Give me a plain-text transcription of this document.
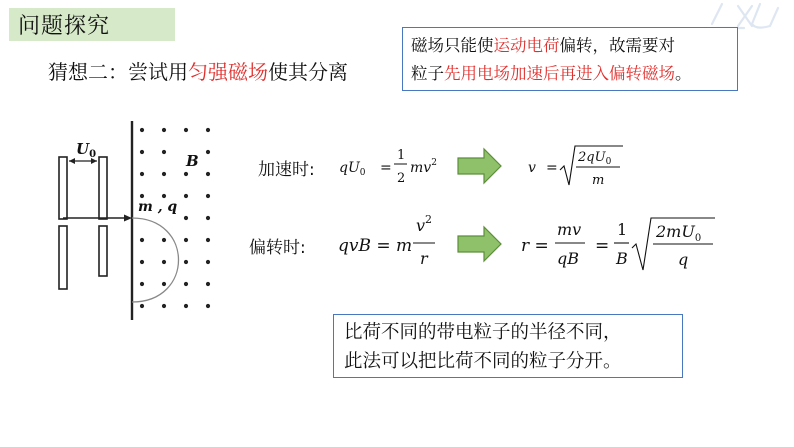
问题探究
猜想二：尝试用匀强磁场使其分离
磁场只能使运动电荷偏转，故需要对
粒子先用电场加速后再进入偏转磁场。
$U_0$	B
m , q
$qU_0$ =
1
2
$mv^2$	v =
$2qU_0$
m
qvB = m
$v^2$
r
r =
mv
qB
=
1
B
$2mU_0$
q
加速时:
偏转时:
比荷不同的带电粒子的半径不同，
此法可以把比荷不同的粒子分开。
